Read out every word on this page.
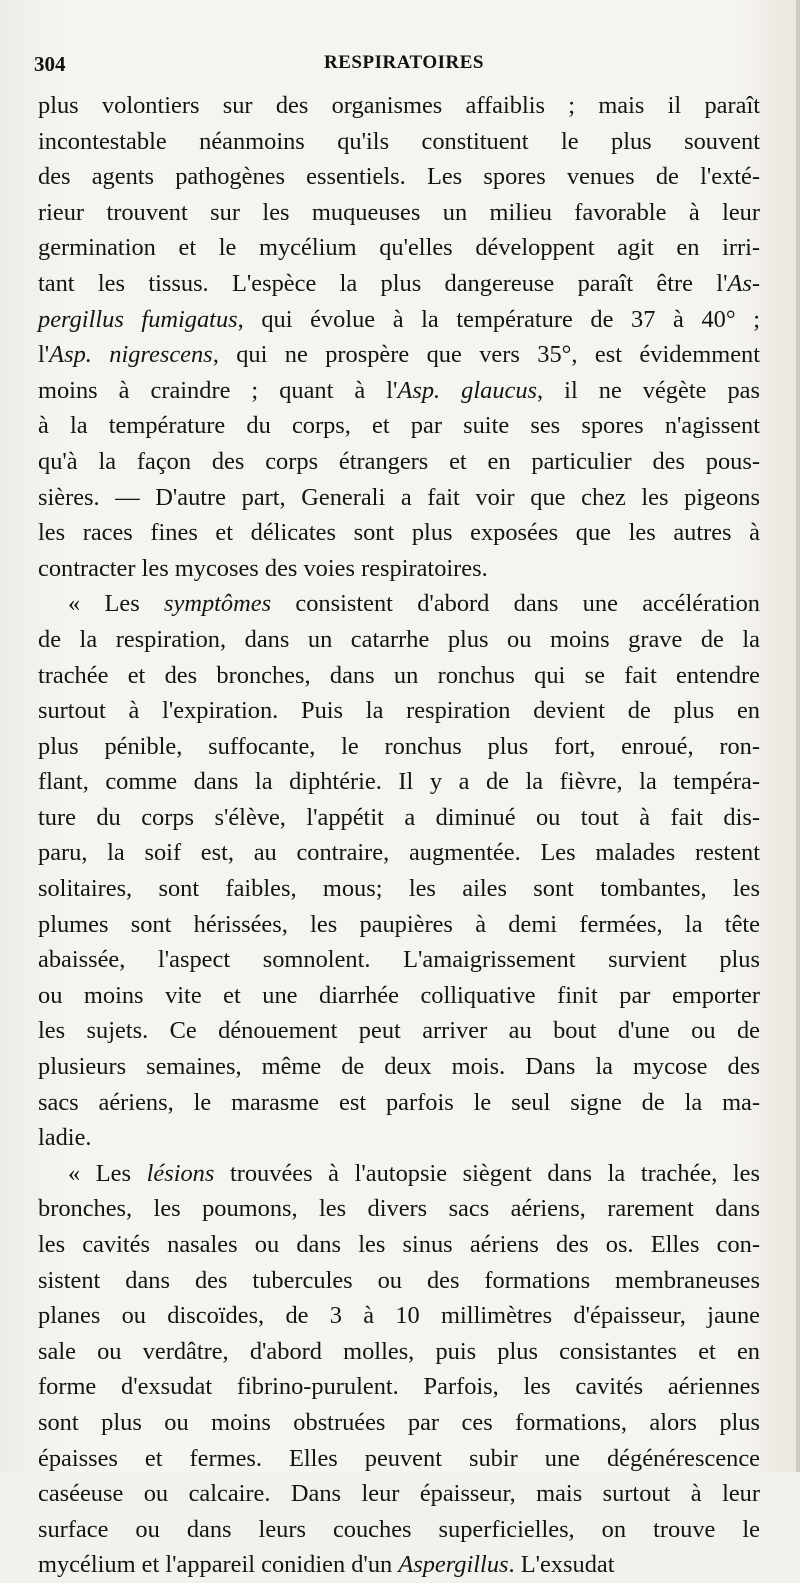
304	RESPIRATOIRES
plus volontiers sur des organismes affaiblis ; mais il paraît
incontestable néanmoins qu'ils constituent le plus souvent
des agents pathogènes essentiels. Les spores venues de l'exté-
rieur trouvent sur les muqueuses un milieu favorable à leur
germination et le mycélium qu'elles développent agit en irri-
tant les tissus. L'espèce la plus dangereuse paraît être l'As-
pergillus fumigatus, qui évolue à la température de 37 à 40° ;
l'Asp. nigrescens, qui ne prospère que vers 35°, est évidemment
moins à craindre ; quant à l'Asp. glaucus, il ne végète pas
à la température du corps, et par suite ses spores n'agissent
qu'à la façon des corps étrangers et en particulier des pous-
sières. — D'autre part, Generali a fait voir que chez les pigeons
les races fines et délicates sont plus exposées que les autres à
contracter les mycoses des voies respiratoires.
« Les symptômes consistent d'abord dans une accélération
de la respiration, dans un catarrhe plus ou moins grave de la
trachée et des bronches, dans un ronchus qui se fait entendre
surtout à l'expiration. Puis la respiration devient de plus en
plus pénible, suffocante, le ronchus plus fort, enroué, ron-
flant, comme dans la diphtérie. Il y a de la fièvre, la tempéra-
ture du corps s'élève, l'appétit a diminué ou tout à fait dis-
paru, la soif est, au contraire, augmentée. Les malades restent
solitaires, sont faibles, mous; les ailes sont tombantes, les
plumes sont hérissées, les paupières à demi fermées, la tête
abaissée, l'aspect somnolent. L'amaigrissement survient plus
ou moins vite et une diarrhée colliquative finit par emporter
les sujets. Ce dénouement peut arriver au bout d'une ou de
plusieurs semaines, même de deux mois. Dans la mycose des
sacs aériens, le marasme est parfois le seul signe de la ma-
ladie.
« Les lésions trouvées à l'autopsie siègent dans la trachée, les
bronches, les poumons, les divers sacs aériens, rarement dans
les cavités nasales ou dans les sinus aériens des os. Elles con-
sistent dans des tubercules ou des formations membraneuses
planes ou discoïdes, de 3 à 10 millimètres d'épaisseur, jaune
sale ou verdâtre, d'abord molles, puis plus consistantes et en
forme d'exsudat fibrino-purulent. Parfois, les cavités aériennes
sont plus ou moins obstruées par ces formations, alors plus
épaisses et fermes. Elles peuvent subir une dégénérescence
caséeuse ou calcaire. Dans leur épaisseur, mais surtout à leur
surface ou dans leurs couches superficielles, on trouve le
mycélium et l'appareil conidien d'un Aspergillus. L'exsudat
